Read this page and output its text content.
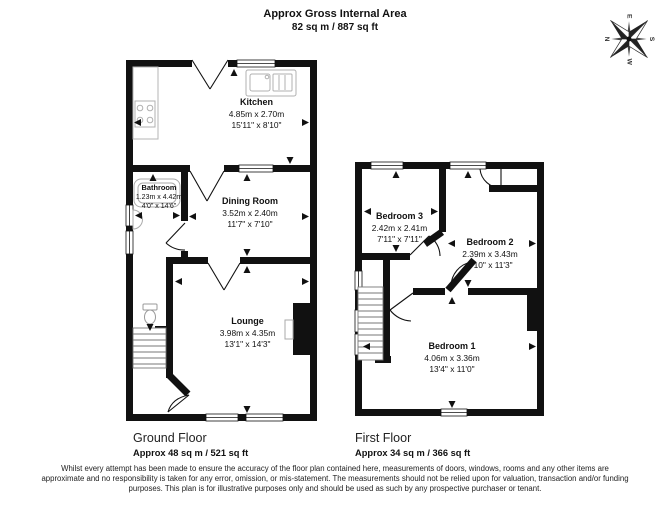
Approx Gross Internal Area
82 sq m / 887 sq ft
E
N	S
W
Kitchen
4.85m x 2.70m
15'11" x 8'10"
Bathroom
1.23m x 4.42m
4'0" x 14'6"
Dining Room
3.52m x 2.40m
11'7" x 7'10"
Lounge
3.98m x 4.35m
13'1" x 14'3"
Bedroom 3
2.42m x 2.41m
7'11" x 7'11"	Bedroom 2
2.39m x 3.43m
7'10" x 11'3"
Bedroom 1
4.06m x 3.36m
13'4" x 11'0"
Ground Floor
Approx 48 sq m / 521 sq ft
First Floor
Approx 34 sq m / 366 sq ft
Whilst every attempt has been made to ensure the accuracy of the floor plan contained here, measurements of doors, windows, rooms and any other items are approximate and no responsibility is taken for any error, omission, or mis-statement. The measurements should not be relied upon for valuation, transaction and/or funding purposes. This plan is for illustrative purposes only and should be used as such by any prospective purchaser or tenant.
